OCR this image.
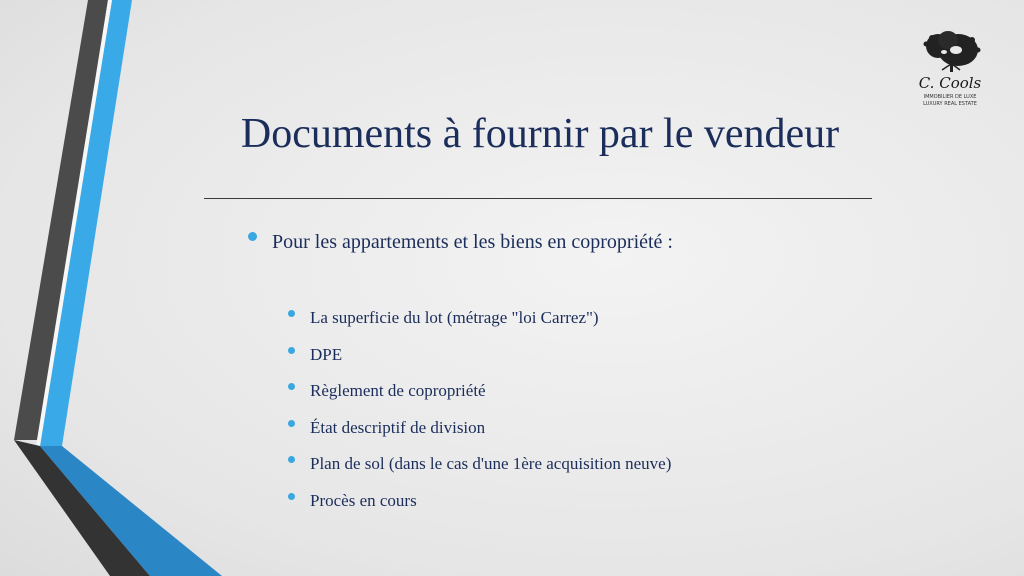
C. Cools
IMMOBILIER DE LUXE
LUXURY REAL ESTATE
Documents à fournir par le vendeur
Pour les appartements et les biens en copropriété :
La superficie du lot (métrage "loi Carrez")
DPE
Règlement de copropriété
État descriptif de division
Plan de sol (dans le cas d'une 1ère acquisition neuve)
Procès en cours
